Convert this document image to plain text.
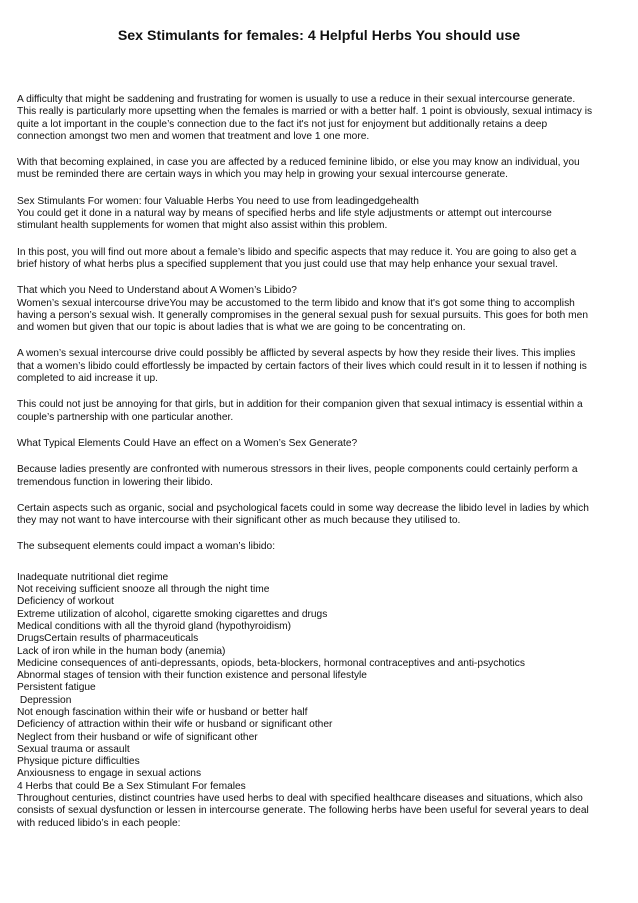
Sex Stimulants for females: 4 Helpful Herbs You should use

A difficulty that might be saddening and frustrating for women is usually to use a reduce in their sexual intercourse generate.
This really is particularly more upsetting when the females is married or with a better half. 1 point is obviously, sexual intimacy is
quite a lot important in the couple’s connection due to the fact it's not just for enjoyment but additionally retains a deep
connection amongst two men and women that treatment and love 1 one more.

With that becoming explained, in case you are affected by a reduced feminine libido, or else you may know an individual, you
must be reminded there are certain ways in which you may help in growing your sexual intercourse generate.

Sex Stimulants For women: four Valuable Herbs You need to use from leadingedgehealth
You could get it done in a natural way by means of specified herbs and life style adjustments or attempt out intercourse
stimulant health supplements for women that might also assist within this problem.

In this post, you will find out more about a female’s libido and specific aspects that may reduce it. You are going to also get a
brief history of what herbs plus a specified supplement that you just could use that may help enhance your sexual travel.

That which you Need to Understand about A Women’s Libido?
Women’s sexual intercourse driveYou may be accustomed to the term libido and know that it's got some thing to accomplish
having a person’s sexual wish. It generally compromises in the general sexual push for sexual pursuits. This goes for both men
and women but given that our topic is about ladies that is what we are going to be concentrating on.

A women’s sexual intercourse drive could possibly be afflicted by several aspects by how they reside their lives. This implies
that a women’s libido could effortlessly be impacted by certain factors of their lives which could result in it to lessen if nothing is
completed to aid increase it up.

This could not just be annoying for that girls, but in addition for their companion given that sexual intimacy is essential within a
couple’s partnership with one particular another.

What Typical Elements Could Have an effect on a Women’s Sex Generate?

Because ladies presently are confronted with numerous stressors in their lives, people components could certainly perform a
tremendous function in lowering their libido.

Certain aspects such as organic, social and psychological facets could in some way decrease the libido level in ladies by which
they may not want to have intercourse with their significant other as much because they utilised to.

The subsequent elements could impact a woman’s libido:

Inadequate nutritional diet regime
Not receiving sufficient snooze all through the night time
Deficiency of workout
Extreme utilization of alcohol, cigarette smoking cigarettes and drugs
Medical conditions with all the thyroid gland (hypothyroidism)
DrugsCertain results of pharmaceuticals
Lack of iron while in the human body (anemia)
Medicine consequences of anti-depressants, opiods, beta-blockers, hormonal contraceptives and anti-psychotics
Abnormal stages of tension with their function existence and personal lifestyle
Persistent fatigue
Depression
Not enough fascination within their wife or husband or better half
Deficiency of attraction within their wife or husband or significant other
Neglect from their husband or wife of significant other
Sexual trauma or assault
Physique picture difficulties
Anxiousness to engage in sexual actions
4 Herbs that could Be a Sex Stimulant For females

Throughout centuries, distinct countries have used herbs to deal with specified healthcare diseases and situations, which also
consists of sexual dysfunction or lessen in intercourse generate. The following herbs have been useful for several years to deal
with reduced libido’s in each people:
